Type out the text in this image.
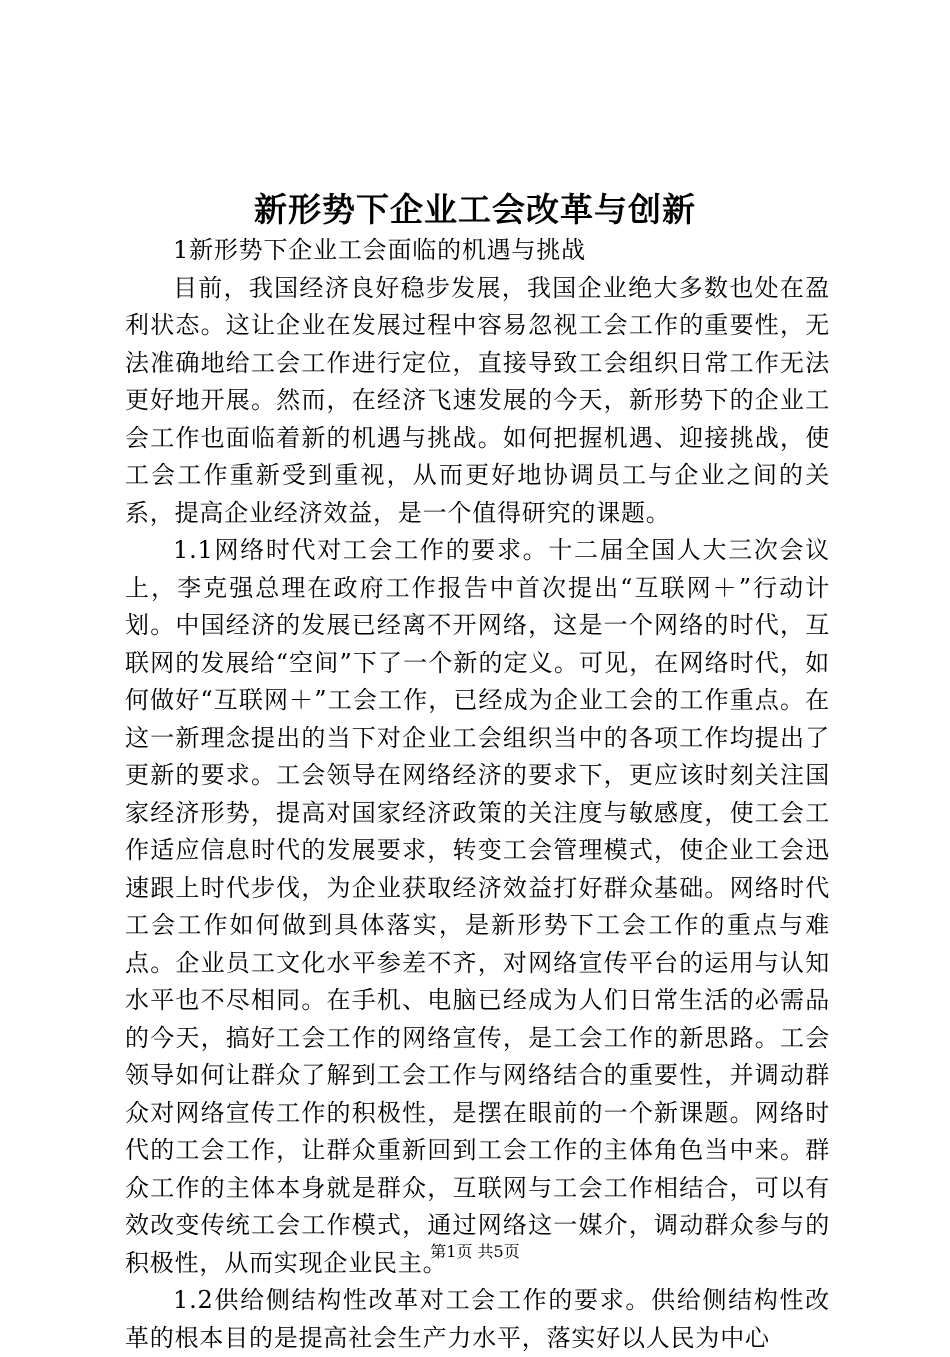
新形势下企业工会改革与创新

1新形势下企业工会面临的机遇与挑战

目前，我国经济良好稳步发展，我国企业绝大多数也处在盈利状态。这让企业在发展过程中容易忽视工会工作的重要性，无法准确地给工会工作进行定位，直接导致工会组织日常工作无法更好地开展。然而，在经济飞速发展的今天，新形势下的企业工会工作也面临着新的机遇与挑战。如何把握机遇、迎接挑战，使工会工作重新受到重视，从而更好地协调员工与企业之间的关系，提高企业经济效益，是一个值得研究的课题。

1.1网络时代对工会工作的要求。十二届全国人大三次会议上，李克强总理在政府工作报告中首次提出“互联网＋”行动计划。中国经济的发展已经离不开网络，这是一个网络的时代，互联网的发展给“空间”下了一个新的定义。可见，在网络时代，如何做好“互联网＋”工会工作，已经成为企业工会的工作重点。在这一新理念提出的当下对企业工会组织当中的各项工作均提出了更新的要求。工会领导在网络经济的要求下，更应该时刻关注国家经济形势，提高对国家经济政策的关注度与敏感度，使工会工作适应信息时代的发展要求，转变工会管理模式，使企业工会迅速跟上时代步伐，为企业获取经济效益打好群众基础。网络时代工会工作如何做到具体落实，是新形势下工会工作的重点与难点。企业员工文化水平参差不齐，对网络宣传平台的运用与认知水平也不尽相同。在手机、电脑已经成为人们日常生活的必需品的今天，搞好工会工作的网络宣传，是工会工作的新思路。工会领导如何让群众了解到工会工作与网络结合的重要性，并调动群众对网络宣传工作的积极性，是摆在眼前的一个新课题。网络时代的工会工作，让群众重新回到工会工作的主体角色当中来。群众工作的主体本身就是群众，互联网与工会工作相结合，可以有效改变传统工会工作模式，通过网络这一媒介，调动群众参与的积极性，从而实现企业民主。

1.2供给侧结构性改革对工会工作的要求。供给侧结构性改革的根本目的是提高社会生产力水平，落实好以人民为中心

第1页 共5页
